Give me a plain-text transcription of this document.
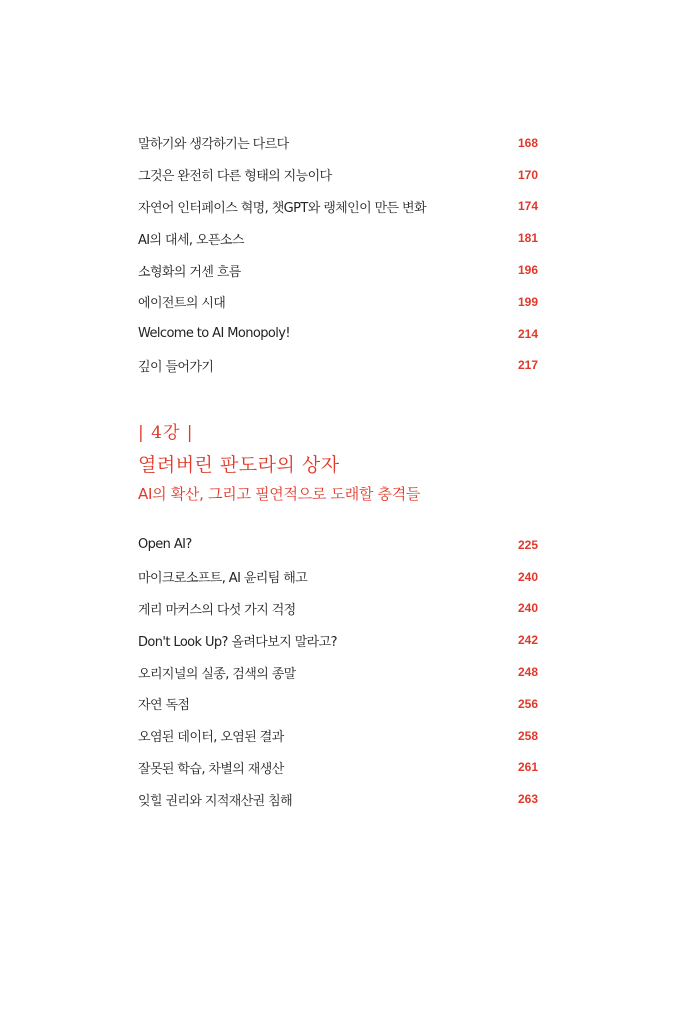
말하기와 생각하기는 다르다	168
그것은 완전히 다른 형태의 지능이다	170
자연어 인터페이스 혁명, 챗GPT와 랭체인이 만든 변화	174
AI의 대세, 오픈소스	181
소형화의 거센 흐름	196
에이전트의 시대	199
Welcome to AI Monopoly!	214
깊이 들어가기	217
| 4강 |
열려버린 판도라의 상자
AI의 확산, 그리고 필연적으로 도래할 충격들
Open AI?	225
마이크로소프트, AI 윤리팀 해고	240
게리 마커스의 다섯 가지 걱정	240
Don't Look Up? 올려다보지 말라고?	242
오리지널의 실종, 검색의 종말	248
자연 독점	256
오염된 데이터, 오염된 결과	258
잘못된 학습, 차별의 재생산	261
잊힐 권리와 지적재산권 침해	263
